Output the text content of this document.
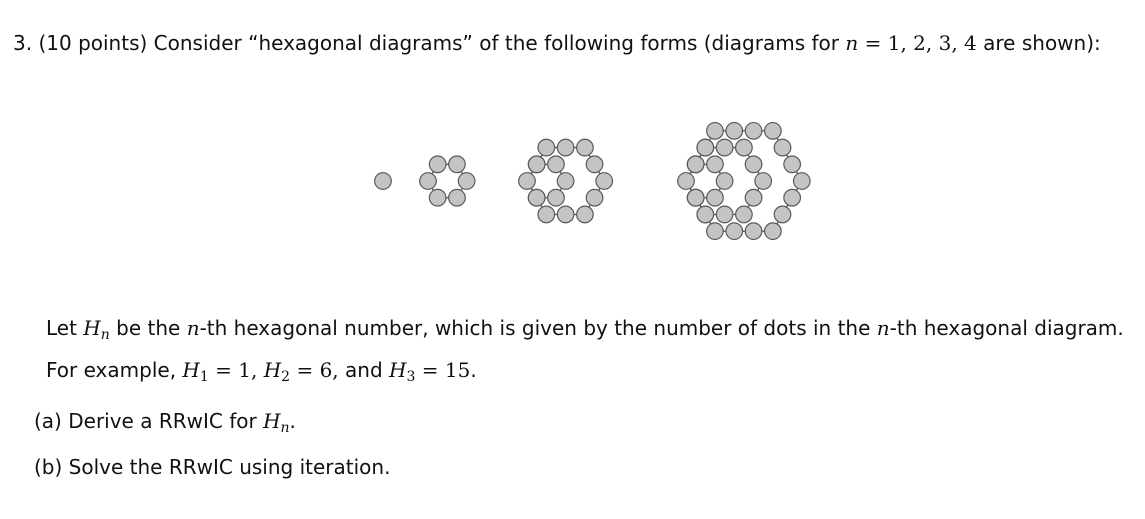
3. (10 points) Consider “hexagonal diagrams” of the following forms (diagrams for n = 1, 2, 3, 4 are shown):
Let $H_n$ be the n-th hexagonal number, which is given by the number of dots in the n-th hexagonal diagram.
For example, $H_1 = 1$, $H_2 = 6$, and $H_3 = 15$.
(a) Derive a RRwIC for $H_n$.
(b) Solve the RRwIC using iteration.
